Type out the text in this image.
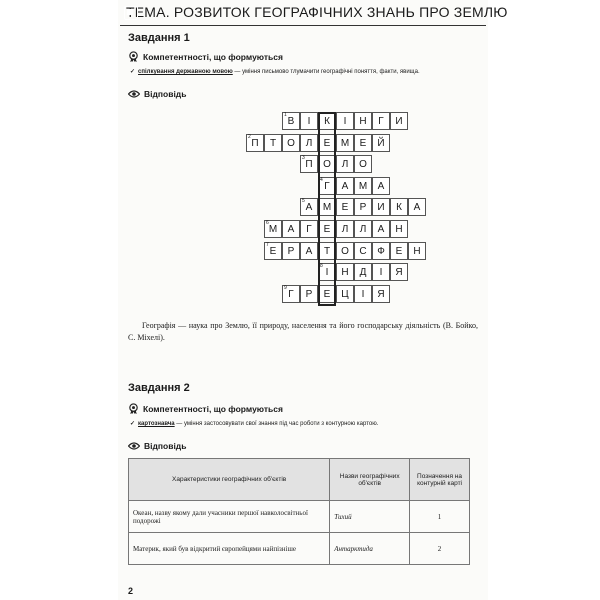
ТЕМА. РОЗВИТОК ГЕОГРАФІЧНИХ ЗНАНЬ ПРО ЗЕМЛЮ
Завдання 1
Компетентності, що формуються
✓ спілкування державною мовою — уміння письмово тлумачити географічні поняття, факти, явища.
Відповідь
1
В	І	К	І	Н	Г	И
2
П	Т	О	Л	Е	М	Е	Й
3
П	О	Л	О
4
Г	А	М	А
5
А	М	Е	Р	И	К	А
6
М	А	Г	Е	Л	Л	А	Н
7
Е	Р	А	Т	О	С	Ф	Е	Н
8
І	Н	Д	І	Я
9
Г	Р	Е	Ц	І	Я
Географія — наука про Землю, її природу, населення та його господарську діяльність (В. Бойко, С. Міхелі).
Завдання 2
Компетентності, що формуються
✓ картознавча — уміння застосовувати свої знання під час роботи з контурною картою.
Відповідь
Характеристики географічних об'єктів	Назви географічних об'єктів	Позначення на контурній карті
Океан, назву якому дали учасники першої навколосвітньої подорожі	Тихий	1
Материк, який був відкритий європейцями найпізніше	Антарктида	2
2
